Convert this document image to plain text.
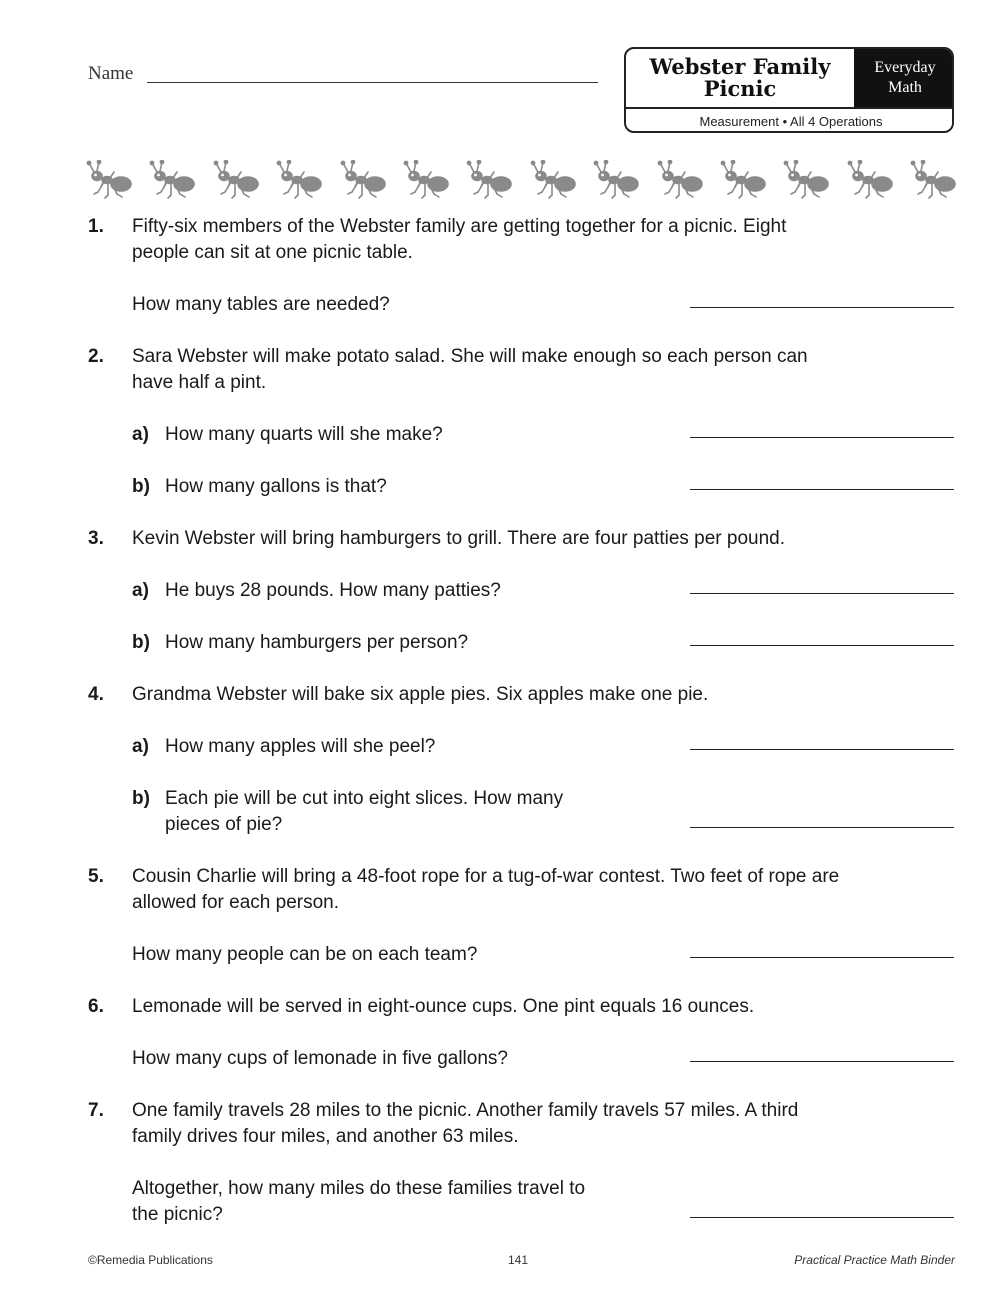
Name	Webster Family
Picnic
Everyday
Math
Measurement • All 4 Operations
1. Fifty-six members of the Webster family are getting together for a picnic. Eight
people can sit at one picnic table.
How many tables are needed?
2. Sara Webster will make potato salad. She will make enough so each person can
have half a pint.
a) How many quarts will she make?
b) How many gallons is that?
3. Kevin Webster will bring hamburgers to grill. There are four patties per pound.
a) He buys 28 pounds. How many patties?
b) How many hamburgers per person?
4. Grandma Webster will bake six apple pies. Six apples make one pie.
a) How many apples will she peel?
b) Each pie will be cut into eight slices. How many
pieces of pie?
5. Cousin Charlie will bring a 48-foot rope for a tug-of-war contest. Two feet of rope are
allowed for each person.
How many people can be on each team?
6. Lemonade will be served in eight-ounce cups. One pint equals 16 ounces.
How many cups of lemonade in five gallons?
7. One family travels 28 miles to the picnic. Another family travels 57 miles. A third
family drives four miles, and another 63 miles.
Altogether, how many miles do these families travel to
the picnic?
©Remedia Publications	141	Practical Practice Math Binder
